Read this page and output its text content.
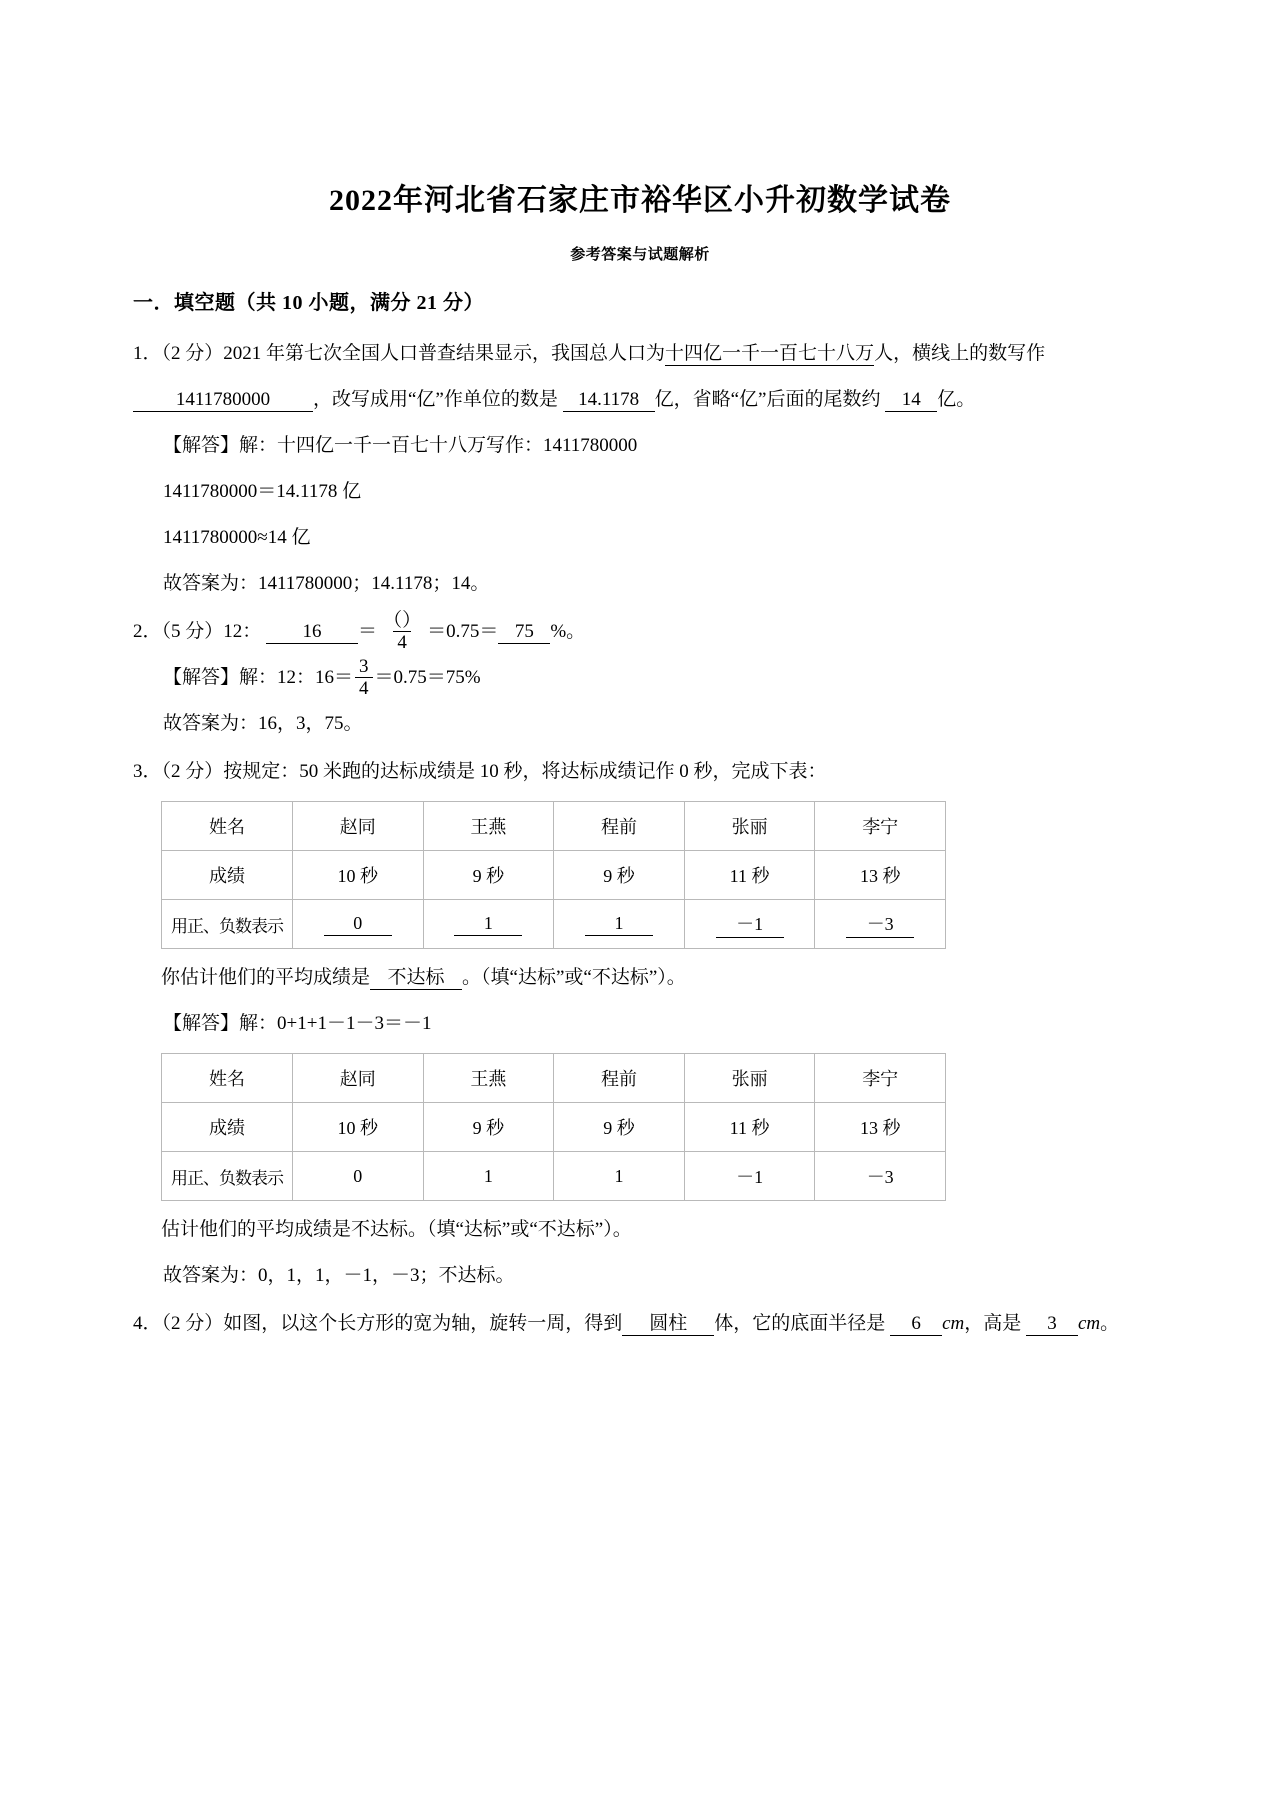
2022年河北省石家庄市裕华区小升初数学试卷
参考答案与试题解析
一．填空题（共 10 小题，满分 21 分）
1．（2 分）2021 年第七次全国人口普查结果显示，我国总人口为十四亿一千一百七十八万人，横线上的数写作 1411780000 ，改写成用“亿”作单位的数是 14.1178 亿，省略“亿”后面的尾数约 14 亿。
【解答】解：十四亿一千一百七十八万写作：1411780000
1411780000＝14.1178 亿
1411780000≈14 亿
故答案为：1411780000；14.1178；14。
2．（5 分）12： $16 = \frac{()}{4} =0.75= 75$ %。
【解答】解：12：$16= \frac{3}{4} =0.75=75\%$
故答案为：16，3，75。
3．（2 分）按规定：50 米跑的达标成绩是 10 秒，将达标成绩记作 0 秒，完成下表：
姓名	赵同	王燕	程前	张丽	李宁
成绩	10 秒	9 秒	9 秒	11 秒	13 秒
用正、负数表示	0	1	1	－1	－3
你估计他们的平均成绩是 不达标 。（填“达标”或“不达标”）。
【解答】解：0+1+1－1－3＝－1
姓名	赵同	王燕	程前	张丽	李宁
成绩	10 秒	9 秒	9 秒	11 秒	13 秒
用正、负数表示	0	1	1	－1	－3
估计他们的平均成绩是不达标。（填“达标”或“不达标”）。
故答案为：0，1，1，－1，－3；不达标。
4．（2 分）如图，以这个长方形的宽为轴，旋转一周，得到 圆柱 体，它的底面半径是 6 cm，高是 3 cm。
